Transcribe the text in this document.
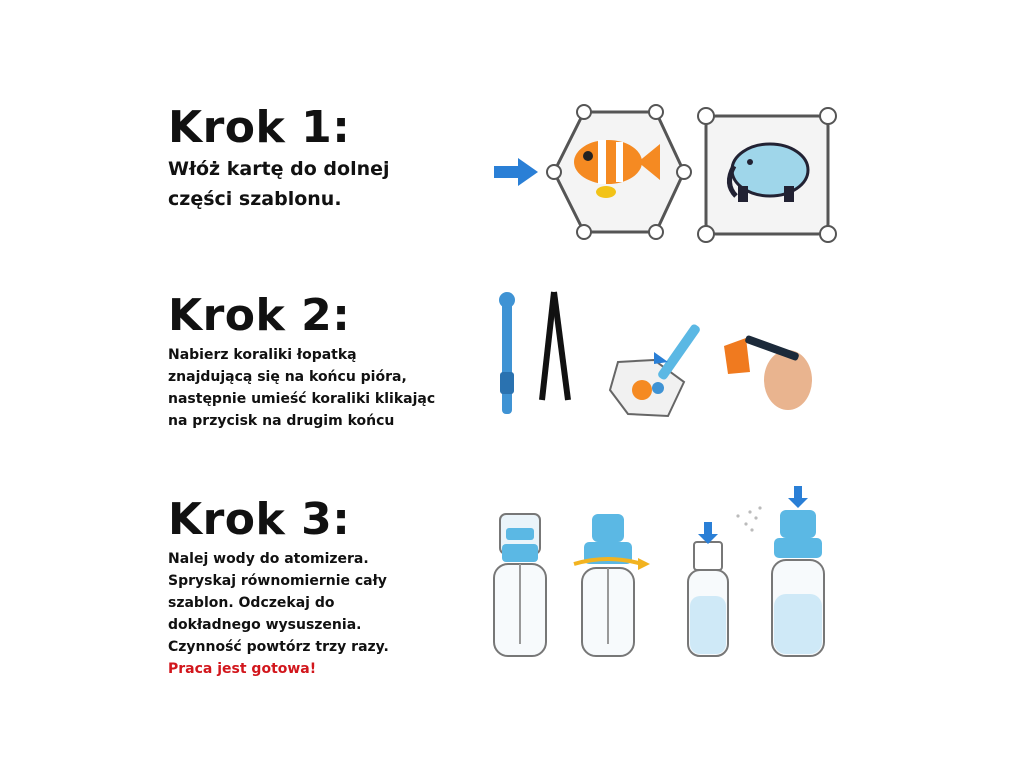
Krok 1:

Włóż kartę do dolnej
części szablonu.

Krok 2:

Nabierz koraliki łopatką
znajdującą się na końcu pióra,
następnie umieść koraliki klikając
na przycisk na drugim końcu

Krok 3:

Nalej wody do atomizera.
Spryskaj równomiernie cały
szablon. Odczekaj do
dokładnego wysuszenia.
Czynność powtórz trzy razy.
Praca jest gotowa!
